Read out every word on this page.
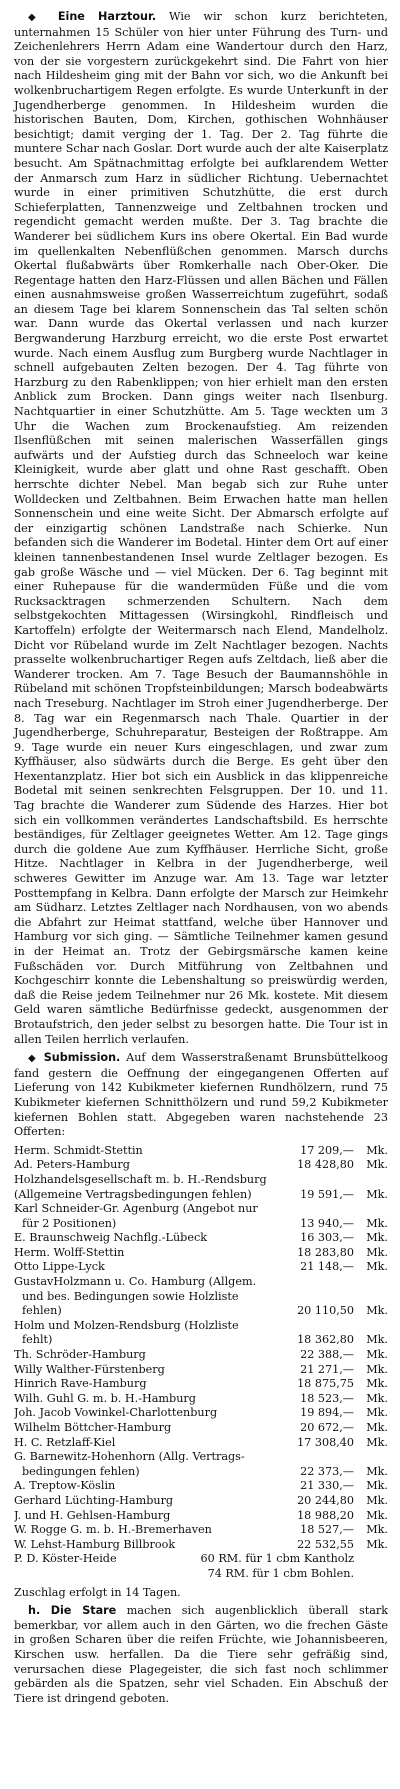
◆ Eine Harztour. Wie wir schon kurz berichteten, unternahmen 15 Schüler von hier unter Führung des Turn- und Zeichenlehrers Herrn Adam eine Wandertour durch den Harz, von der sie vorgestern zurückgekehrt sind. Die Fahrt von hier nach Hildesheim ging mit der Bahn vor sich, wo die Ankunft bei wolkenbruchartigem Regen erfolgte. Es wurde Unterkunft in der Jugendherberge genommen. In Hildesheim wurden die historischen Bauten, Dom, Kirchen, gothischen Wohnhäuser besichtigt; damit verging der 1. Tag. Der 2. Tag führte die muntere Schar nach Goslar. Dort wurde auch der alte Kaiserplatz besucht. Am Spätnachmittag erfolgte bei aufklarendem Wetter der Anmarsch zum Harz in südlicher Richtung. Uebernachtet wurde in einer primitiven Schutzhütte, die erst durch Schieferplatten, Tannenzweige und Zeltbahnen trocken und regendicht gemacht werden mußte. Der 3. Tag brachte die Wanderer bei südlichem Kurs ins obere Okertal. Ein Bad wurde im quellenkalten Nebenflüßchen genommen. Marsch durchs Okertal flußabwärts über Romkerhalle nach Ober-Oker. Die Regentage hatten den Harz-Flüssen und allen Bächen und Fällen einen ausnahmsweise großen Wasserreichtum zugeführt, sodaß an diesem Tage bei klarem Sonnenschein das Tal selten schön war. Dann wurde das Okertal verlassen und nach kurzer Bergwanderung Harzburg erreicht, wo die erste Post erwartet wurde. Nach einem Ausflug zum Burgberg wurde Nachtlager in schnell aufgebauten Zelten bezogen. Der 4. Tag führte von Harzburg zu den Rabenklippen; von hier erhielt man den ersten Anblick zum Brocken. Dann gings weiter nach Ilsenburg. Nachtquartier in einer Schutzhütte. Am 5. Tage weckten um 3 Uhr die Wachen zum Brockenaufstieg. Am reizenden Ilsenflüßchen mit seinen malerischen Wasserfällen gings aufwärts und der Aufstieg durch das Schneeloch war keine Kleinigkeit, wurde aber glatt und ohne Rast geschafft. Oben herrschte dichter Nebel. Man begab sich zur Ruhe unter Wolldecken und Zeltbahnen. Beim Erwachen hatte man hellen Sonnenschein und eine weite Sicht. Der Abmarsch erfolgte auf der einzigartig schönen Landstraße nach Schierke. Nun befanden sich die Wanderer im Bodetal. Hinter dem Ort auf einer kleinen tannenbestandenen Insel wurde Zeltlager bezogen. Es gab große Wäsche und — viel Mücken. Der 6. Tag beginnt mit einer Ruhepause für die wandermüden Füße und die vom Rucksacktragen schmerzenden Schultern. Nach dem selbstgekochten Mittagessen (Wirsingkohl, Rindfleisch und Kartoffeln) erfolgte der Weitermarsch nach Elend, Mandelholz. Dicht vor Rübeland wurde im Zelt Nachtlager bezogen. Nachts prasselte wolkenbruchartiger Regen aufs Zeltdach, ließ aber die Wanderer trocken. Am 7. Tage Besuch der Baumannshöhle in Rübeland mit schönen Tropfsteinbildungen; Marsch bodeabwärts nach Treseburg. Nachtlager im Stroh einer Jugendherberge. Der 8. Tag war ein Regenmarsch nach Thale. Quartier in der Jugendherberge, Schuhreparatur, Besteigen der Roßtrappe. Am 9. Tage wurde ein neuer Kurs eingeschlagen, und zwar zum Kyffhäuser, also südwärts durch die Berge. Es geht über den Hexentanzplatz. Hier bot sich ein Ausblick in das klippenreiche Bodetal mit seinen senkrechten Felsgruppen. Der 10. und 11. Tag brachte die Wanderer zum Südende des Harzes. Hier bot sich ein vollkommen verändertes Landschaftsbild. Es herrschte beständiges, für Zeltlager geeignetes Wetter. Am 12. Tage gings durch die goldene Aue zum Kyffhäuser. Herrliche Sicht, große Hitze. Nachtlager in Kelbra in der Jugendherberge, weil schweres Gewitter im Anzuge war. Am 13. Tage war letzter Posttempfang in Kelbra. Dann erfolgte der Marsch zur Heimkehr am Südharz. Letztes Zeltlager nach Nordhausen, von wo abends die Abfahrt zur Heimat stattfand, welche über Hannover und Hamburg vor sich ging. — Sämtliche Teilnehmer kamen gesund in der Heimat an. Trotz der Gebirgsmärsche kamen keine Fußschäden vor. Durch Mitführung von Zeltbahnen und Kochgeschirr konnte die Lebenshaltung so preiswürdig werden, daß die Reise jedem Teilnehmer nur 26 Mk. kostete. Mit diesem Geld waren sämtliche Bedürfnisse gedeckt, ausgenommen der Brotaufstrich, den jeder selbst zu besorgen hatte. Die Tour ist in allen Teilen herrlich verlaufen.

◆ Submission. Auf dem Wasserstraßenamt Brunsbüttelkoog fand gestern die Oeffnung der eingegangenen Offerten auf Lieferung von 142 Kubikmeter kiefernen Rundhölzern, rund 75 Kubikmeter kiefernen Schnitthölzern und rund 59,2 Kubikmeter kiefernen Bohlen statt. Abgegeben waren nachstehende 23 Offerten:

Herm. Schmidt-Stettin	17 209,—	Mk.
Ad. Peters-Hamburg	18 428,80	Mk.
Holzhandelsgesellschaft m. b. H.-Rendsburg
(Allgemeine Vertragsbedingungen fehlen)	19 591,—	Mk.
Karl Schneider-Gr. Agenburg (Angebot nur
für 2 Positionen)	13 940,—	Mk.
E. Braunschweig Nachflg.-Lübeck	16 303,—	Mk.
Herm. Wolff-Stettin	18 283,80	Mk.
Otto Lippe-Lyck	21 148,—	Mk.
GustavHolzmann u. Co. Hamburg (Allgem.
und bes. Bedingungen sowie Holzliste
fehlen)	20 110,50	Mk.
Holm und Molzen-Rendsburg (Holzliste
fehlt)	18 362,80	Mk.
Th. Schröder-Hamburg	22 388,—	Mk.
Willy Walther-Fürstenberg	21 271,—	Mk.
Hinrich Rave-Hamburg	18 875,75	Mk.
Wilh. Guhl G. m. b. H.-Hamburg	18 523,—	Mk.
Joh. Jacob Vowinkel-Charlottenburg	19 894,—	Mk.
Wilhelm Böttcher-Hamburg	20 672,—	Mk.
H. C. Retzlaff-Kiel	17 308,40	Mk.
G. Barnewitz-Hohenhorn (Allg. Vertrags-
bedingungen fehlen)	22 373,—	Mk.
A. Treptow-Köslin	21 330,—	Mk.
Gerhard Lüchting-Hamburg	20 244,80	Mk.
J. und H. Gehlsen-Hamburg	18 988,20	Mk.
W. Rogge G. m. b. H.-Bremerhaven	18 527,—	Mk.
W. Lehst-Hamburg Billbrook	22 532,55	Mk.
P. D. Köster-Heide	60 RM. für 1 cbm Kantholz
74 RM. für 1 cbm Bohlen.

Zuschlag erfolgt in 14 Tagen.

h. Die Stare machen sich augenblicklich überall stark bemerkbar, vor allem auch in den Gärten, wo die frechen Gäste in großen Scharen über die reifen Früchte, wie Johannisbeeren, Kirschen usw. herfallen. Da die Tiere sehr gefräßig sind, verursachen diese Plagegeister, die sich fast noch schlimmer gebärden als die Spatzen, sehr viel Schaden. Ein Abschuß der Tiere ist dringend geboten.
